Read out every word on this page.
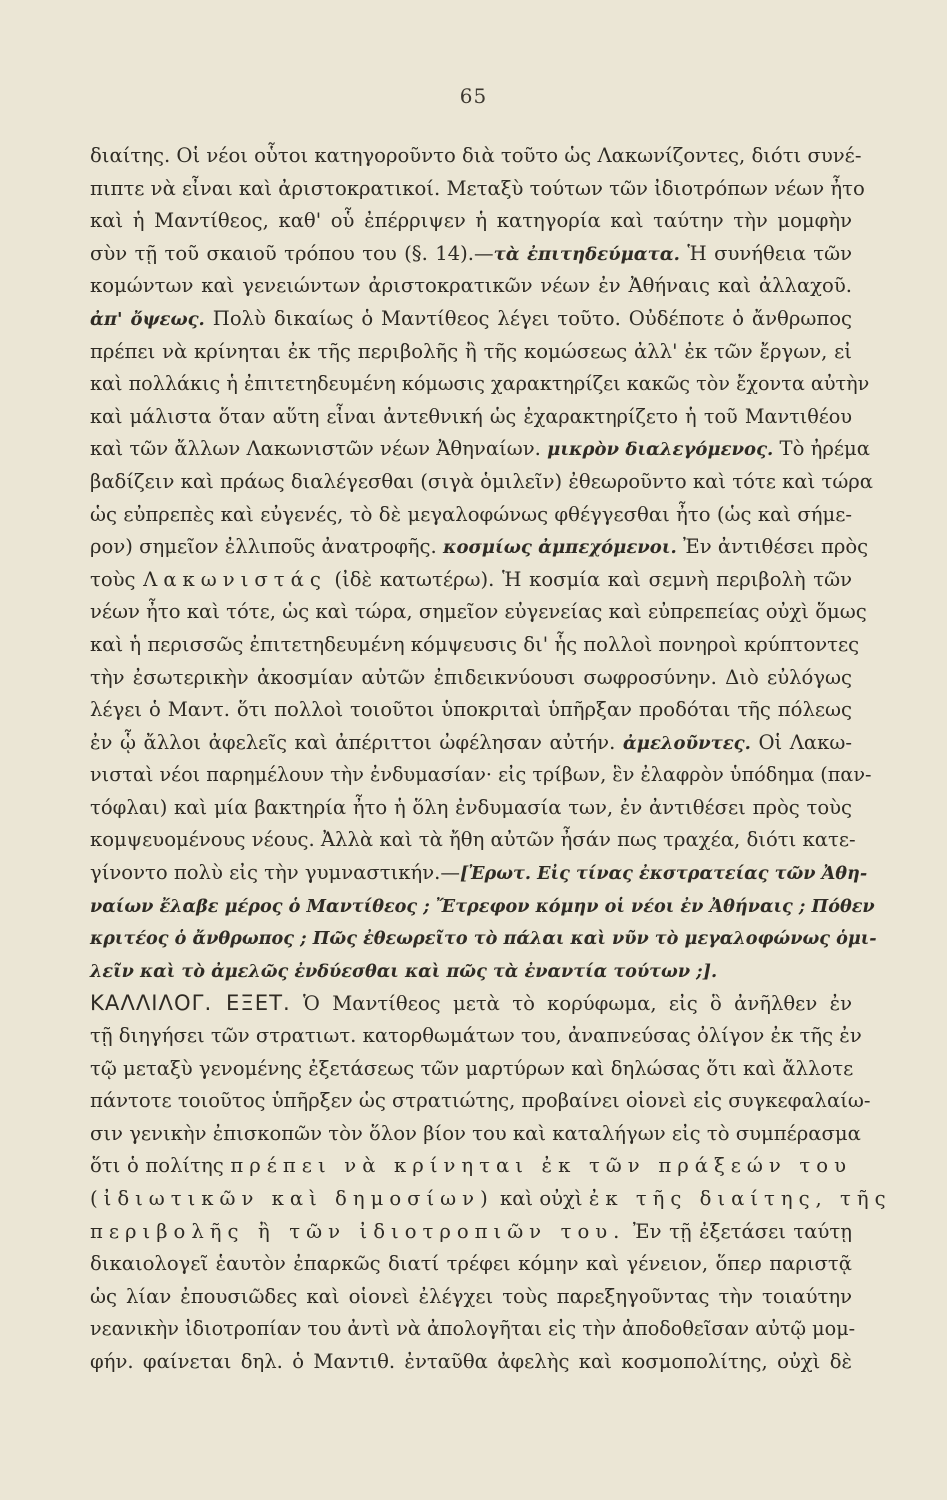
65
διαίτης. Οἱ νέοι οὗτοι κατηγοροῦντο διὰ τοῦτο ὡς Λακωνίζοντες, διότι συνέ-
πιπτε νὰ εἶναι καὶ ἀριστοκρατικοί. Μεταξὺ τούτων τῶν ἰδιοτρόπων νέων ἦτο
καὶ ἡ Μαντίθεος, καθ' οὗ ἐπέρριψεν ἡ κατηγορία καὶ ταύτην τὴν μομφὴν
σὺν τῇ τοῦ σκαιοῦ τρόπου του (§. 14).—τὰ ἐπιτηδεύματα. Ἡ συνήθεια τῶν
κομώντων καὶ γενειώντων ἀριστοκρατικῶν νέων ἐν Ἀθήναις καὶ ἀλλαχοῦ.
ἀπ' ὄψεως. Πολὺ δικαίως ὁ Μαντίθεος λέγει τοῦτο. Οὐδέποτε ὁ ἄνθρωπος
πρέπει νὰ κρίνηται ἐκ τῆς περιβολῆς ἢ τῆς κομώσεως ἀλλ' ἐκ τῶν ἔργων, εἰ
καὶ πολλάκις ἡ ἐπιτετηδευμένη κόμωσις χαρακτηρίζει κακῶς τὸν ἔχοντα αὐτὴν
καὶ μάλιστα ὅταν αὕτη εἶναι ἀντεθνική ὡς ἐχαρακτηρίζετο ἡ τοῦ Μαντιθέου
καὶ τῶν ἄλλων Λακωνιστῶν νέων Ἀθηναίων. μικρὸν διαλεγόμενος. Τὸ ἠρέμα
βαδίζειν καὶ πράως διαλέγεσθαι (σιγὰ ὁμιλεῖν) ἐθεωροῦντο καὶ τότε καὶ τώρα
ὡς εὐπρεπὲς καὶ εὐγενές, τὸ δὲ μεγαλοφώνως φθέγγεσθαι ἦτο (ὡς καὶ σήμε-
ρον) σημεῖον ἐλλιποῦς ἀνατροφῆς. κοσμίως ἀμπεχόμενοι. Ἐν ἀντιθέσει πρὸς
τοὺς Λακωνιστάς (ἰδὲ κατωτέρω). Ἡ κοσμία καὶ σεμνὴ περιβολὴ τῶν
νέων ἦτο καὶ τότε, ὡς καὶ τώρα, σημεῖον εὐγενείας καὶ εὐπρεπείας οὐχὶ ὅμως
καὶ ἡ περισσῶς ἐπιτετηδευμένη κόμψευσις δι' ἧς πολλοὶ πονηροὶ κρύπτοντες
τὴν ἐσωτερικὴν ἀκοσμίαν αὐτῶν ἐπιδεικνύουσι σωφροσύνην. Διὸ εὐλόγως
λέγει ὁ Μαντ. ὅτι πολλοὶ τοιοῦτοι ὑποκριταὶ ὑπῆρξαν προδόται τῆς πόλεως
ἐν ᾧ ἄλλοι ἀφελεῖς καὶ ἀπέριττοι ὠφέλησαν αὐτήν. ἀμελοῦντες. Οἱ Λακω-
νισταὶ νέοι παρημέλουν τὴν ἐνδυμασίαν· εἰς τρίβων, ἓν ἐλαφρὸν ὑπόδημα (παν-
τόφλαι) καὶ μία βακτηρία ἦτο ἡ ὅλη ἐνδυμασία των, ἐν ἀντιθέσει πρὸς τοὺς
κομψευομένους νέους. Ἀλλὰ καὶ τὰ ἤθη αὐτῶν ἦσάν πως τραχέα, διότι κατε-
γίνοντο πολὺ εἰς τὴν γυμναστικήν.—[Ἐρωτ. Εἰς τίνας ἐκστρατείας τῶν Ἀθη-
ναίων ἔλαβε μέρος ὁ Μαντίθεος ; Ἔτρεφον κόμην οἱ νέοι ἐν Ἀθήναις ; Πόθεν
κριτέος ὁ ἄνθρωπος ; Πῶς ἐθεωρεῖτο τὸ πάλαι καὶ νῦν τὸ μεγαλοφώνως ὁμι-
λεῖν καὶ τὸ ἀμελῶς ἐνδύεσθαι καὶ πῶς τὰ ἐναντία τούτων ;].
ΚΑΛΛΙΛΟΓ. ΕΞΕΤ. Ὁ Μαντίθεος μετὰ τὸ κορύφωμα, εἰς ὃ ἀνῆλθεν ἐν
τῇ διηγήσει τῶν στρατιωτ. κατορθωμάτων του, ἀναπνεύσας ὀλίγον ἐκ τῆς ἐν
τῷ μεταξὺ γενομένης ἐξετάσεως τῶν μαρτύρων καὶ δηλώσας ὅτι καὶ ἄλλοτε
πάντοτε τοιοῦτος ὑπῆρξεν ὡς στρατιώτης, προβαίνει οἱονεὶ εἰς συγκεφαλαίω-
σιν γενικὴν ἐπισκοπῶν τὸν ὅλον βίον του καὶ καταλήγων εἰς τὸ συμπέρασμα
ὅτι ὁ πολίτης πρέπει νὰ κρίνηται ἐκ τῶν πράξεών του
(ἰδιωτικῶν καὶ δημοσίων) καὶ οὐχὶ ἐκ τῆς διαίτης, τῆς
περιβολῆς ἢ τῶν ἰδιοτροπιῶν του. Ἐν τῇ ἐξετάσει ταύτῃ
δικαιολογεῖ ἑαυτὸν ἐπαρκῶς διατί τρέφει κόμην καὶ γένειον, ὅπερ παριστᾷ
ὡς λίαν ἐπουσιῶδες καὶ οἱονεὶ ἐλέγχει τοὺς παρεξηγοῦντας τὴν τοιαύτην
νεανικὴν ἰδιοτροπίαν του ἀντὶ νὰ ἀπολογῆται εἰς τὴν ἀποδοθεῖσαν αὐτῷ μομ-
φήν. φαίνεται δηλ. ὁ Μαντιθ. ἐνταῦθα ἀφελὴς καὶ κοσμοπολίτης, οὐχὶ δὲ
